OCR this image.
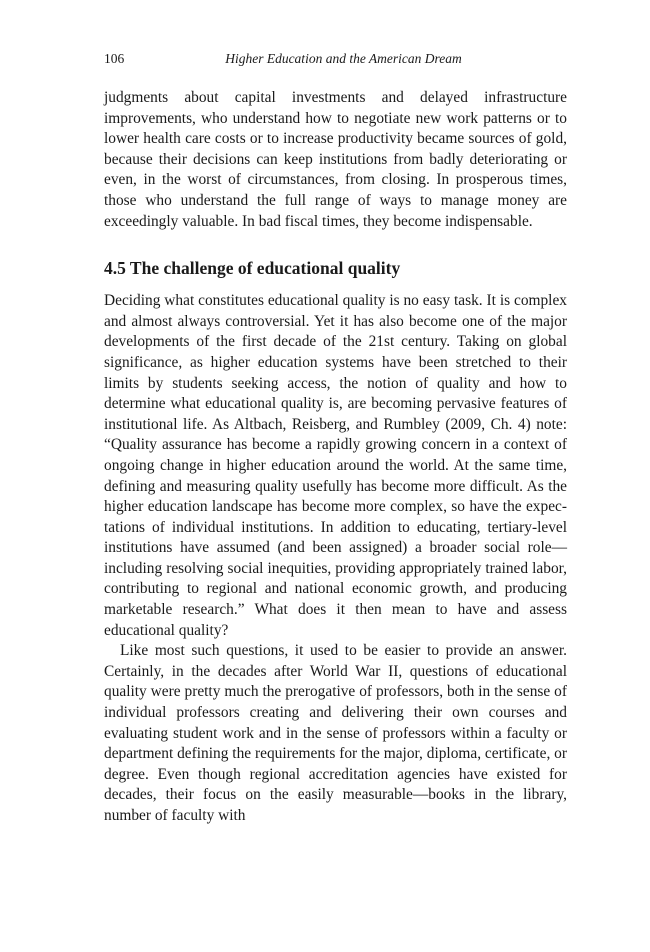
106	Higher Education and the American Dream

judgments about capital investments and delayed infrastructure improvements, who understand how to negotiate new work patterns or to lower health care costs or to increase productivity became sources of gold, because their decisions can keep institutions from badly deteriorating or even, in the worst of circumstances, from closing. In prosperous times, those who understand the full range of ways to manage money are exceedingly valuable. In bad fiscal times, they become indispensable.

4.5 The challenge of educational quality

Deciding what constitutes educational quality is no easy task. It is complex and almost always controversial. Yet it has also become one of the major developments of the first decade of the 21st century. Taking on global significance, as higher education systems have been stretched to their limits by students seeking access, the notion of quality and how to determine what educational quality is, are becoming pervasive features of institutional life. As Altbach, Reisberg, and Rumbley (2009, Ch. 4) note: “Quality assurance has become a rapidly growing concern in a context of ongoing change in higher education around the world. At the same time, defining and measuring quality usefully has become more difficult. As the higher education landscape has become more complex, so have the expectations of individual institutions. In addition to educating, tertiary-level institutions have assumed (and been assigned) a broader social role—including resolving social inequities, providing appropriately trained labor, contributing to regional and national economic growth, and producing marketable research.” What does it then mean to have and assess educational quality?

Like most such questions, it used to be easier to provide an answer. Certainly, in the decades after World War II, questions of educational quality were pretty much the prerogative of professors, both in the sense of individual professors creating and delivering their own courses and evaluating student work and in the sense of professors within a faculty or department defining the requirements for the major, diploma, certificate, or degree. Even though regional accreditation agencies have existed for decades, their focus on the easily measurable—books in the library, number of faculty with
